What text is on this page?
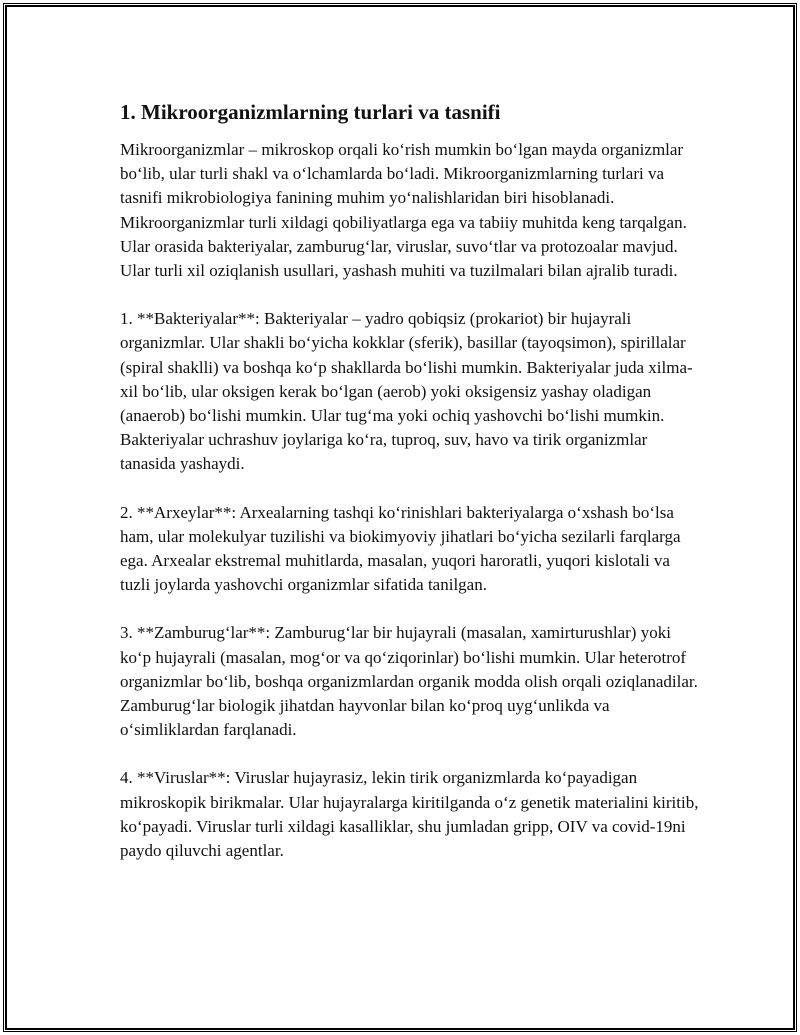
1. Mikroorganizmlarning turlari va tasnifi

Mikroorganizmlar – mikroskop orqali ko‘rish mumkin bo‘lgan mayda organizmlar bo‘lib, ular turli shakl va o‘lchamlarda bo‘ladi. Mikroorganizmlarning turlari va tasnifi mikrobiologiya fanining muhim yo‘nalishlaridan biri hisoblanadi. Mikroorganizmlar turli xildagi qobiliyatlarga ega va tabiiy muhitda keng tarqalgan. Ular orasida bakteriyalar, zamburug‘lar, viruslar, suvo‘tlar va protozoalar mavjud. Ular turli xil oziqlanish usullari, yashash muhiti va tuzilmalari bilan ajralib turadi.

1. **Bakteriyalar**: Bakteriyalar – yadro qobiqsiz (prokariot) bir hujayrali organizmlar. Ular shakli bo‘yicha kokklar (sferik), basillar (tayoqsimon), spirillalar (spiral shaklli) va boshqa ko‘p shakllarda bo‘lishi mumkin. Bakteriyalar juda xilma-xil bo‘lib, ular oksigen kerak bo‘lgan (aerob) yoki oksigensiz yashay oladigan (anaerob) bo‘lishi mumkin. Ular tug‘ma yoki ochiq yashovchi bo‘lishi mumkin. Bakteriyalar uchrashuv joylariga ko‘ra, tuproq, suv, havo va tirik organizmlar tanasida yashaydi.

2. **Arxeylar**: Arxealarning tashqi ko‘rinishlari bakteriyalarga o‘xshash bo‘lsa ham, ular molekulyar tuzilishi va biokimyoviy jihatlari bo‘yicha sezilarli farqlarga ega. Arxealar ekstremal muhitlarda, masalan, yuqori haroratli, yuqori kislotali va tuzli joylarda yashovchi organizmlar sifatida tanilgan.

3. **Zamburug‘lar**: Zamburug‘lar bir hujayrali (masalan, xamirturushlar) yoki ko‘p hujayrali (masalan, mog‘or va qo‘ziqorinlar) bo‘lishi mumkin. Ular heterotrof organizmlar bo‘lib, boshqa organizmlardan organik modda olish orqali oziqlanadilar. Zamburug‘lar biologik jihatdan hayvonlar bilan ko‘proq uyg‘unlikda va o‘simliklardan farqlanadi.

4. **Viruslar**: Viruslar hujayrasiz, lekin tirik organizmlarda ko‘payadigan mikroskopik birikmalar. Ular hujayralarga kiritilganda o‘z genetik materialini kiritib, ko‘payadi. Viruslar turli xildagi kasalliklar, shu jumladan gripp, OIV va covid-19ni paydo qiluvchi agentlar.
